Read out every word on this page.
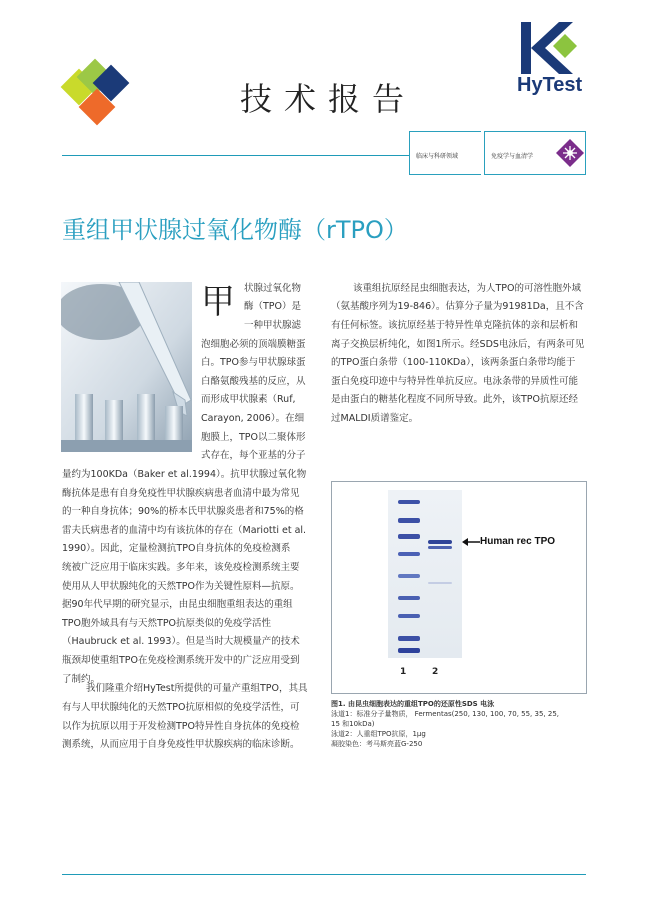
技术报告	HyTest
临床与科研领域	免疫学与血清学
重组甲状腺过氧化物酶（rTPO）
甲 状腺过氧化物
酶（TPO）是
一种甲状腺滤
泡细胞必须的顶端膜糖蛋
白。TPO参与甲状腺球蛋
白酪氨酸残基的反应，从
而形成甲状腺素（Ruf,
Carayon, 2006）。在细
胞膜上，TPO以二聚体形
式存在，每个亚基的分子
量约为100KDa（Baker et al.1994）。抗甲状腺过氧化物
酶抗体是患有自身免疫性甲状腺疾病患者血清中最为常见
的一种自身抗体；90%的桥本氏甲状腺炎患者和75%的格
雷夫氏病患者的血清中均有该抗体的存在（Mariotti et al.
1990）。因此，定量检测抗TPO自身抗体的免疫检测系
统被广泛应用于临床实践。多年来，该免疫检测系统主要
使用从人甲状腺纯化的天然TPO作为关键性原料—抗原。
据90年代早期的研究显示，由昆虫细胞重组表达的重组
TPO胞外域具有与天然TPO抗原类似的免疫学活性
（Haubruck et al. 1993）。但是当时大规模量产的技术
瓶颈却使重组TPO在免疫检测系统开发中的广泛应用受到
了制约。
我们隆重介绍HyTest所提供的可量产重组TPO，其具
有与人甲状腺纯化的天然TPO抗原相似的免疫学活性，可
以作为抗原以用于开发检测TPO特异性自身抗体的免疫检
测系统，从而应用于自身免疫性甲状腺疾病的临床诊断。
该重组抗原经昆虫细胞表达，为人TPO的可溶性胞外域
（氨基酸序列为19-846）。估算分子量为91981Da，且不含
有任何标签。该抗原经基于特异性单克隆抗体的亲和层析和
离子交换层析纯化，如图1所示。经SDS电泳后，有两条可见
的TPO蛋白条带（100-110KDa），该两条蛋白条带均能于
蛋白免疫印迹中与特异性单抗反应。电泳条带的异质性可能
是由蛋白的糖基化程度不同所导致。此外，该TPO抗原还经
过MALDI质谱鉴定。
Human rec TPO
1	2
图1. 由昆虫细胞表达的重组TPO的还原性SDS 电泳
泳道1：标准分子量物质， Fermentas(250, 130, 100, 70, 55, 35, 25,
15 和10kDa)
泳道2：人重组TPO抗原，1μg
凝胶染色：考马斯亮蓝G-250
